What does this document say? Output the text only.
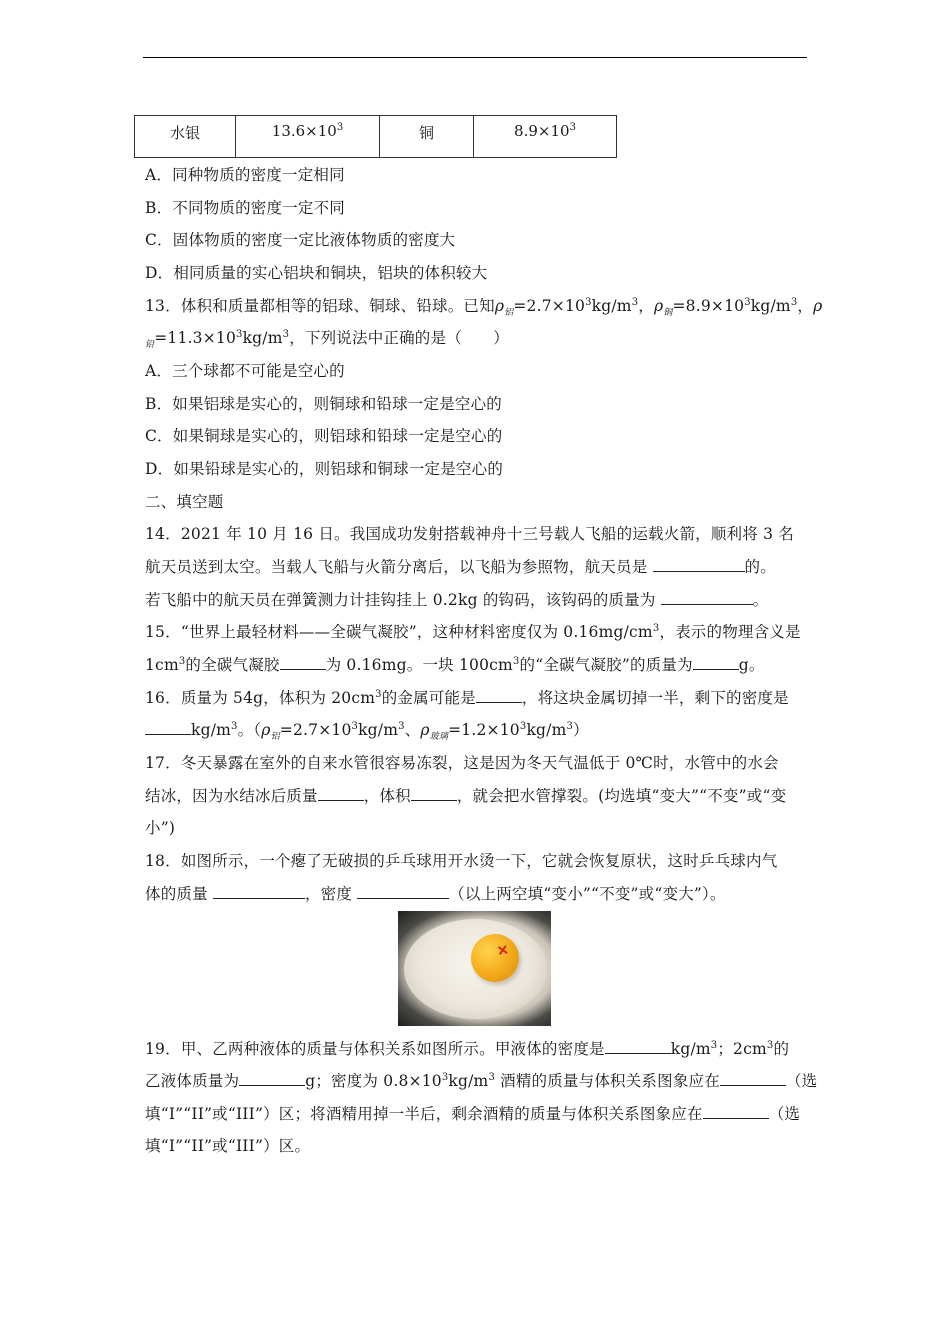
水银	$13.6\times 10^3$	铜	$8.9\times 10^3$
A．同种物质的密度一定相同
B．不同物质的密度一定不同
C．固体物质的密度一定比液体物质的密度大
D．相同质量的实心铝块和铜块，铝块的体积较大
13．体积和质量都相等的铝球、铜球、铅球。已知$\rho_铝=2.7\times 10^3kg/m^3$，$\rho_铜=8.9\times 10^3kg/m^3$，ρ
$_铅=11.3\times 10^3kg/m^3$，下列说法中正确的是（　　）
A．三个球都不可能是空心的
B．如果铝球是实心的，则铜球和铅球一定是空心的
C．如果铜球是实心的，则铝球和铅球一定是空心的
D．如果铅球是实心的，则铝球和铜球一定是空心的
二、填空题
14．2021 年 10 月 16 日。我国成功发射搭载神舟十三号载人飞船的运载火箭，顺利将 3 名
航天员送到太空。当载人飞船与火箭分离后，以飞船为参照物，航天员是	的。
若飞船中的航天员在弹簧测力计挂钩挂上 0.2kg 的钩码，该钩码的质量为	。
15．“世界上最轻材料——全碳气凝胶”，这种材料密度仅为 $0.16mg/cm^3$，表示的物理含义是
$1cm^3$的全碳气凝胶	为 0.16mg。一块 $100cm^3$的“全碳气凝胶”的质量为	g。
16．质量为 54g，体积为 $20cm^3$的金属可能是	，将这块金属切掉一半，剩下的密度是
$kg/m^3$。（$\rho_铝=2.7\times 10^3kg/m^3$、$\rho_{玻璃}=1.2\times 10^3kg/m^3$）
17．冬天暴露在室外的自来水管很容易冻裂，这是因为冬天气温低于 0℃时，水管中的水会
结冰，因为水结冰后质量	，体积	，就会把水管撑裂。(均选填“变大”“不变”或“变
小”)
18．如图所示，一个瘪了无破损的乒乓球用开水烫一下，它就会恢复原状，这时乒乓球内气
体的质量	，密度	（以上两空填“变小”“不变”或“变大”）。
+
19．甲、乙两种液体的质量与体积关系如图所示。甲液体的密度是	$kg/m^3$；$2cm^3$的
乙液体质量为	g；密度为 $0.8\times 10^3kg/m^3$ 酒精的质量与体积关系图象应在	（选
填“I”“II”或“III”）区；将酒精用掉一半后，剩余酒精的质量与体积关系图象应在	（选
填“I”“II”或“III”）区。
